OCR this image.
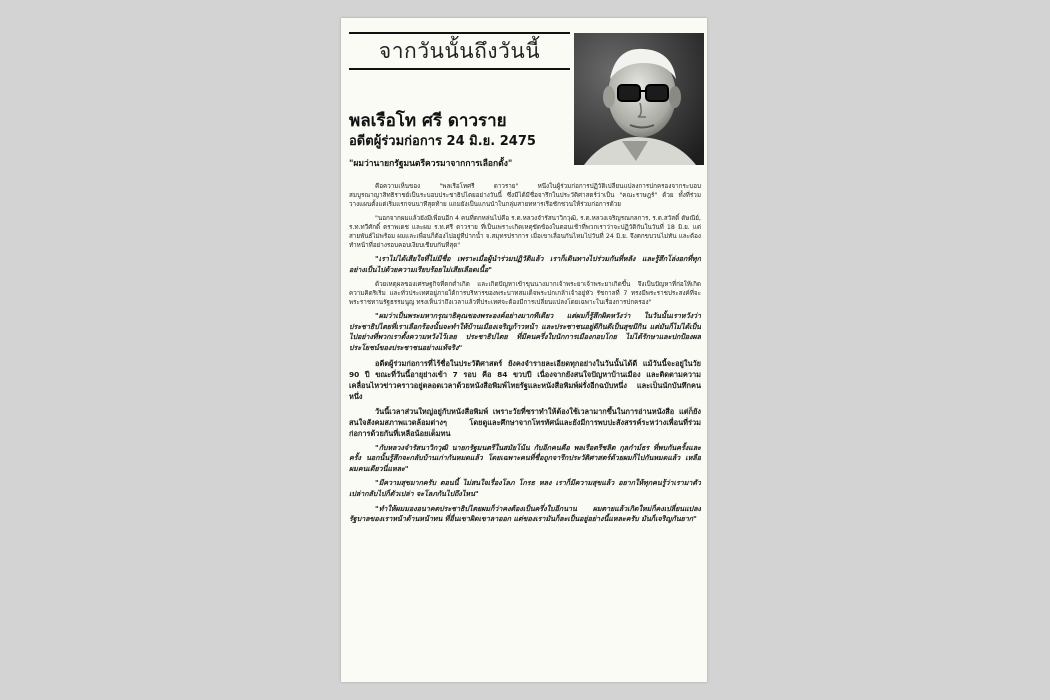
จากวันนั้นถึงวันนี้
พลเรือโท ศรี ดาวราย
อดีตผู้ร่วมก่อการ 24 มิ.ย. 2475
"ผมว่านายกรัฐมนตรีควรมาจากการเลือกตั้ง"

คือความเห็นของ "พลเรือโทศรี ดาวราย" หนึ่งในผู้ร่วมก่อการปฏิวัติเปลี่ยนแปลงการปกครองจากระบอบสมบูรณาญาสิทธิราชย์เป็นระบอบประชาธิปไตยอย่างวันนี้ ซึ่งมีได้มีชื่อจารึกในประวัติศาสตร์ว่าเป็น "คณะราษฎร์" ด้วย ทั้งที่ร่วมวางแผนตั้งแต่เริ่มแรกจนนาทีสุดท้าย แถมยังเป็นแกนนำในกลุ่มสายทหารเรือชักชวนให้ร่วมก่อการด้วย

"นอกจากผมแล้วยังมีเพื่อนอีก 4 คนที่ตกหล่นไปคือ ร.ต.หลวงจำรัสนาวิกวุฒิ, ร.ต.หลวงเจริญรณกลการ, ร.ต.สวัสดิ์ ดัษณีย์, ร.ท.ทวีศักดิ์ ตราพเดช และผม ร.ท.ศรี ดาวราย ที่เป็นเพราะเกิดเหตุขัดข้องในตอนเช้าที่พวกเราว่าจะปฏิวัติกันในวันที่ 18 มิ.ย. แต่สายพันธ์ไม่พร้อม ผมและเพื่อนก็ต้องไปอยู่ที่ปากน้ำ จ.สมุทรปราการ เมื่อเขาเลื่อนกันไหมไปวันที่ 24 มิ.ย. จึงตกขบวนไม่ทัน และต้องทำหน้าที่อย่างรอบคอบเงียบเชียบกันที่สุด"

"เราไม่ได้เสียใจที่ไม่มีชื่อ เพราะเมื่อผู้นำร่วมปฏิวัติแล้ว เราก็เดินทางไปร่วมกันที่หลัง และรู้สึกโล่งอกที่ทุกอย่างเป็นไปด้วยความเรียบร้อยไม่เสียเลือดเนื้อ"

ด้วยเหตุผลของเศรษฐกิจที่ตกต่ำเกิด และเกิดปัญหาเข้าขุนนางมากเจ้าพระยาเจ้าพระยาเกิดขึ้น จึงเป็นปัญหาที่ก่อให้เกิดความคิดริเริ่ม และทั่วประเทศอยู่ภายใต้การบริหารของพระบาทสมเด็จพระปกเกล้าเจ้าอยู่หัว รัชกาลที่ 7 ทรงมีพระราชประสงค์ที่จะพระราชทานรัฐธรรมนูญ ทรงเห็นว่าถึงเวลาแล้วที่ประเทศจะต้องมีการเปลี่ยนแปลงโดยเฉพาะในเรื่องการปกครอง"

"ผมว่าเป็นพระมหากรุณาธิคุณของพระองค์อย่างมากทีเดียว แต่ผมก็รู้สึกผิดหวังว่า ในวันนั้นเราหวังว่าประชาธิปไตยที่เราเลือกร้องนั้นจะทำให้บ้านเมืองเจริญก้าวหน้า และประชาชนอยู่ดีกินดีเป็นสุขมีกิน แต่มันก็ไม่ได้เป็นไปอย่างที่พวกเราตั้งความหวังไว้เลย ประชาธิปไตย ที่มีคนครึ่งใบนักการเมืองกอบโกย ไม่ได้รักษาและปกป้องผลประโยชน์ของประชาชนอย่างแท้จริง"

อดีตผู้ร่วมก่อการที่ไร้ชื่อในประวัติศาสตร์ ยังคงจำรายละเอียดทุกอย่างในวันนั้นได้ดี แม้วันนี้จะอยู่ในวัย 90 ปี ขณะที่วันนี้อายุย่างเข้า 7 รอบ คือ 84 ขวบปี เนื่องจากยังสนใจปัญหาบ้านเมือง และติดตามความเคลื่อนไหวข่าวคราวอยู่ตลอดเวลาด้วยหนังสือพิมพ์ไทยรัฐและหนังสือพิมพ์ฝรั่งอีกฉบับหนึ่ง และเป็นนักบันทึกคนหนึ่ง

วันนี้เวลาส่วนใหญ่อยู่กับหนังสือพิมพ์ เพราะวัยที่ชราทำให้ต้องใช้เวลามากขึ้นในการอ่านหนังสือ แต่ก็ยังสนใจสังคมสภาพแวดล้อมต่างๆ โดยดูและศึกษาจากโทรทัศน์และยังมีการพบปะสังสรรค์ระหว่างเพื่อนที่ร่วมก่อการด้วยกันที่เหลือน้อยเต็มทน

"กับหลวงจำรัสนาวิกวุฒิ นายกรัฐมนตรีในสมัยโน้น กับอีกคนคือ พลเรือตรีชลิต กุลกำม์ธร ที่พบกันครั้งและครั้ง นอกนั้นรู้สึกจะกลับบ้านเก่ากันหมดแล้ว โดยเฉพาะคนที่ชื่อถูกจารึกประวัติศาสตร์ด้วยผมก็ไปกันหมดแล้ว เหลือผมคนเดียวนี่แหละ"

"มีความสุขมากครับ ตอนนี้ ไม่สนใจเรื่องโลภ โกรธ หลง เราก็มีความสุขแล้ว อยากให้ทุกคนรู้ว่าเรามาตัวเปล่ากลับไปก็ตัวเปล่า จะโลภกันไปถึงไหน"

"ทำให้ผมมองอนาคตประชาธิปไตยผมก็ว่าคงต้องเป็นครึ่งใบอีกนาน ผมตายแล้วเกิดใหม่ก็คงเปลี่ยนแปลง รัฐบาลของเราหน้าด้านหน้าทน ที่อื่นเขาผิดเขาลาออก แต่ของเรามันก็ละเป็นอยู่อย่างนี้แหละครับ มันก็เจริญกันยาก"
